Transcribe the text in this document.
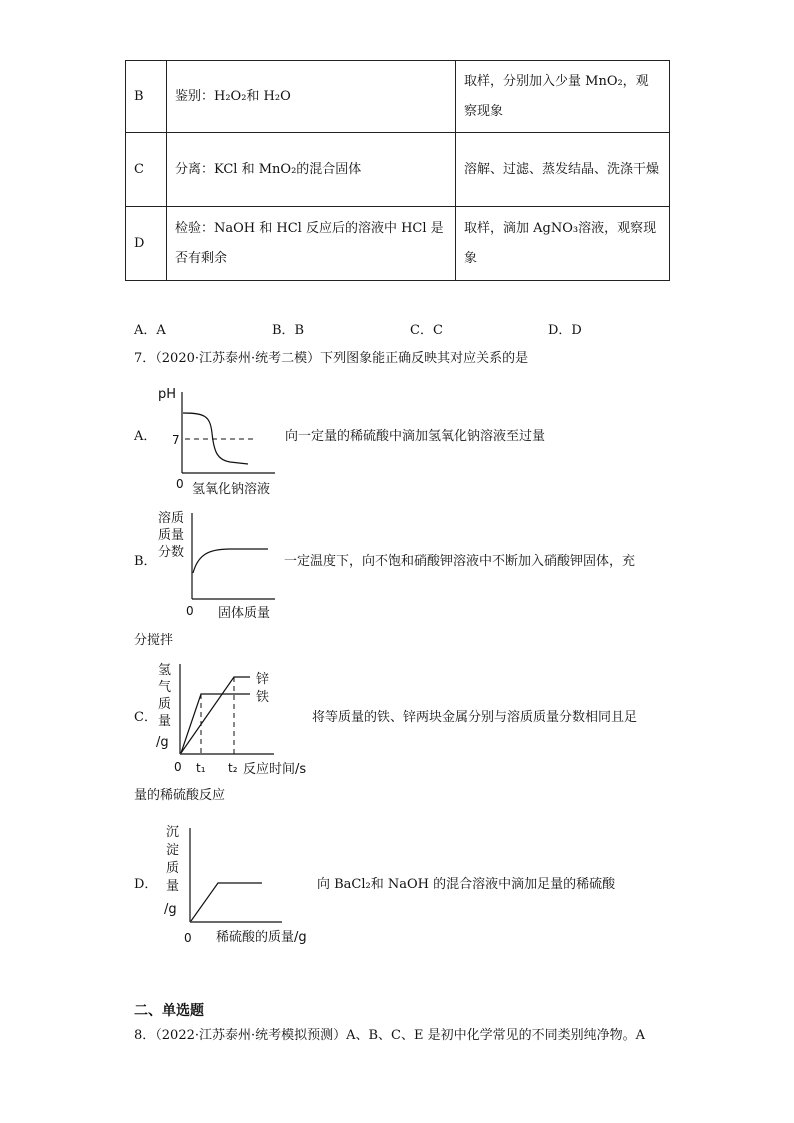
B	鉴别：H₂O₂和 H₂O	取样，分别加入少量 MnO₂，观察现象
C	分离：KCl 和 MnO₂的混合固体	溶解、过滤、蒸发结晶、洗涤干燥
D	检验：NaOH 和 HCl 反应后的溶液中 HCl 是否有剩余	取样，滴加 AgNO₃溶液，观察现象
A．A	B．B	C．C	D．D
7．（2020·江苏泰州·统考二模）下列图象能正确反映其对应关系的是
A．
pH
7
0 氢氧化钠溶液
向一定量的稀硫酸中滴加氢氧化钠溶液至过量
B．
溶质
质量
分数
0 固体质量
一定温度下，向不饱和硝酸钾溶液中不断加入硝酸钾固体，充
分搅拌
C．
氢
气
质
量
/g
锌
铁
0 t₁ t₂ 反应时间/s
将等质量的铁、锌两块金属分别与溶质质量分数相同且足
量的稀硫酸反应
D．
沉
淀
质
量
/g
0 稀硫酸的质量/g
向 BaCl₂和 NaOH 的混合溶液中滴加足量的稀硫酸
二、单选题
8．（2022·江苏泰州·统考模拟预测）A、B、C、E 是初中化学常见的不同类别纯净物。A
